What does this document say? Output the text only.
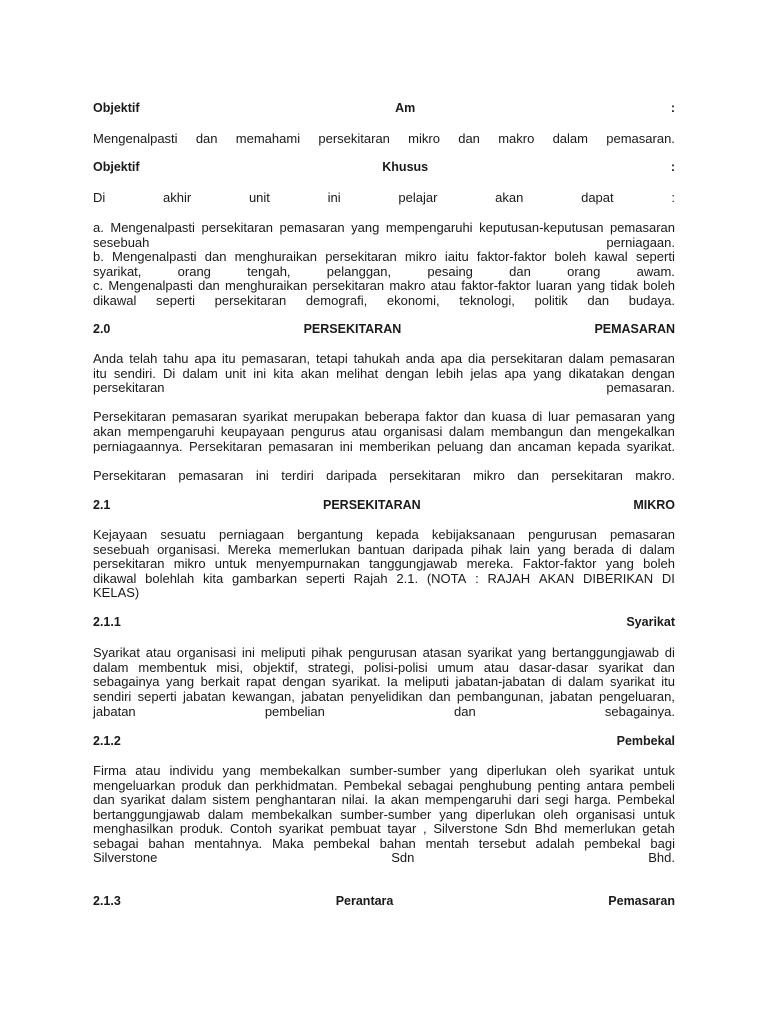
Objektif	Am	:
Mengenalpasti dan memahami persekitaran mikro dan makro dalam pemasaran.
Objektif	Khusus	:
Di	akhir	unit	ini	pelajar	akan	dapat	:
a. Mengenalpasti persekitaran pemasaran yang mempengaruhi keputusan-keputusan pemasaran
sesebuah	perniagaan.
b. Mengenalpasti dan menghuraikan persekitaran mikro iaitu faktor-faktor boleh kawal seperti
syarikat,	orang	tengah,	pelanggan,	pesaing	dan	orang	awam.
c. Mengenalpasti dan menghuraikan persekitaran makro atau faktor-faktor luaran yang tidak boleh
dikawal seperti persekitaran demografi, ekonomi, teknologi, politik dan budaya.
2.0	PERSEKITARAN	PEMASARAN
Anda telah tahu apa itu pemasaran, tetapi tahukah anda apa dia persekitaran dalam pemasaran
itu sendiri. Di dalam unit ini kita akan melihat dengan lebih jelas apa yang dikatakan dengan
persekitaran	pemasaran.
Persekitaran pemasaran syarikat merupakan beberapa faktor dan kuasa di luar pemasaran yang
akan mempengaruhi keupayaan pengurus atau organisasi dalam membangun dan mengekalkan
perniagaannya. Persekitaran pemasaran ini memberikan peluang dan ancaman kepada syarikat.
Persekitaran pemasaran ini terdiri daripada persekitaran mikro dan persekitaran makro.
2.1	PERSEKITARAN	MIKRO
Kejayaan sesuatu perniagaan bergantung kepada kebijaksanaan pengurusan pemasaran
sesebuah organisasi. Mereka memerlukan bantuan daripada pihak lain yang berada di dalam
persekitaran mikro untuk menyempurnakan tanggungjawab mereka. Faktor-faktor yang boleh
dikawal bolehlah kita gambarkan seperti Rajah 2.1. (NOTA : RAJAH AKAN DIBERIKAN DI
KELAS)
2.1.1	Syarikat
Syarikat atau organisasi ini meliputi pihak pengurusan atasan syarikat yang bertanggungjawab di
dalam membentuk misi, objektif, strategi, polisi-polisi umum atau dasar-dasar syarikat dan
sebagainya yang berkait rapat dengan syarikat. Ia meliputi jabatan-jabatan di dalam syarikat itu
sendiri seperti jabatan kewangan, jabatan penyelidikan dan pembangunan, jabatan pengeluaran,
jabatan	pembelian	dan	sebagainya.
2.1.2	Pembekal
Firma atau individu yang membekalkan sumber-sumber yang diperlukan oleh syarikat untuk
mengeluarkan produk dan perkhidmatan. Pembekal sebagai penghubung penting antara pembeli
dan syarikat dalam sistem penghantaran nilai. Ia akan mempengaruhi dari segi harga. Pembekal
bertanggungjawab dalam membekalkan sumber-sumber yang diperlukan oleh organisasi untuk
menghasilkan produk. Contoh syarikat pembuat tayar , Silverstone Sdn Bhd memerlukan getah
sebagai bahan mentahnya. Maka pembekal bahan mentah tersebut adalah pembekal bagi
Silverstone	Sdn	Bhd.
2.1.3	Perantara	Pemasaran
